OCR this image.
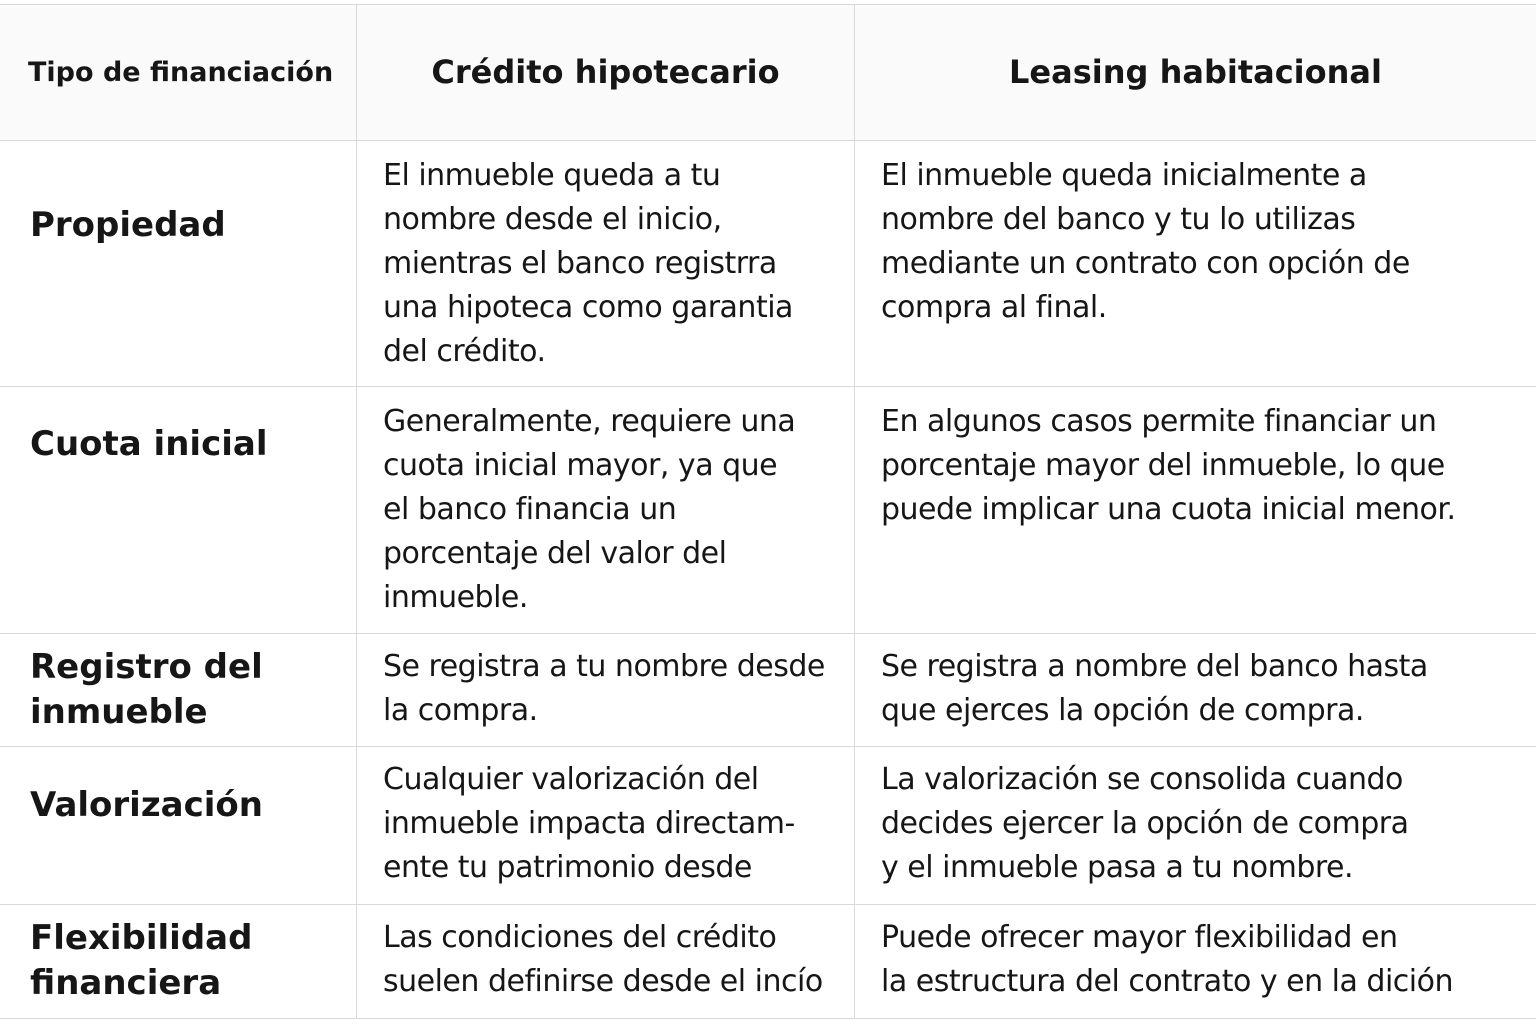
Tipo de financiación	Crédito hipotecario	Leasing habitacional
Propiedad
El inmueble queda a tu
nombre desde el inicio,
mientras el banco registrra
una hipoteca como garantia
del crédito.
El inmueble queda inicialmente a
nombre del banco y tu lo utilizas
mediante un contrato con opción de
compra al final.
Cuota inicial
Generalmente, requiere una
cuota inicial mayor, ya que
el banco financia un
porcentaje del valor del
inmueble.
En algunos casos permite financiar un
porcentaje mayor del inmueble, lo que
puede implicar una cuota inicial menor.
Registro del
inmueble
Se registra a tu nombre desde
la compra.
Se registra a nombre del banco hasta
que ejerces la opción de compra.
Valorización
Cualquier valorización del
inmueble impacta directam-
ente tu patrimonio desde
La valorización se consolida cuando
decides ejercer la opción de compra
y el inmueble pasa a tu nombre.
Flexibilidad
financiera
Las condiciones del crédito
suelen definirse desde el incío
Puede ofrecer mayor flexibilidad en
la estructura del contrato y en la dición
